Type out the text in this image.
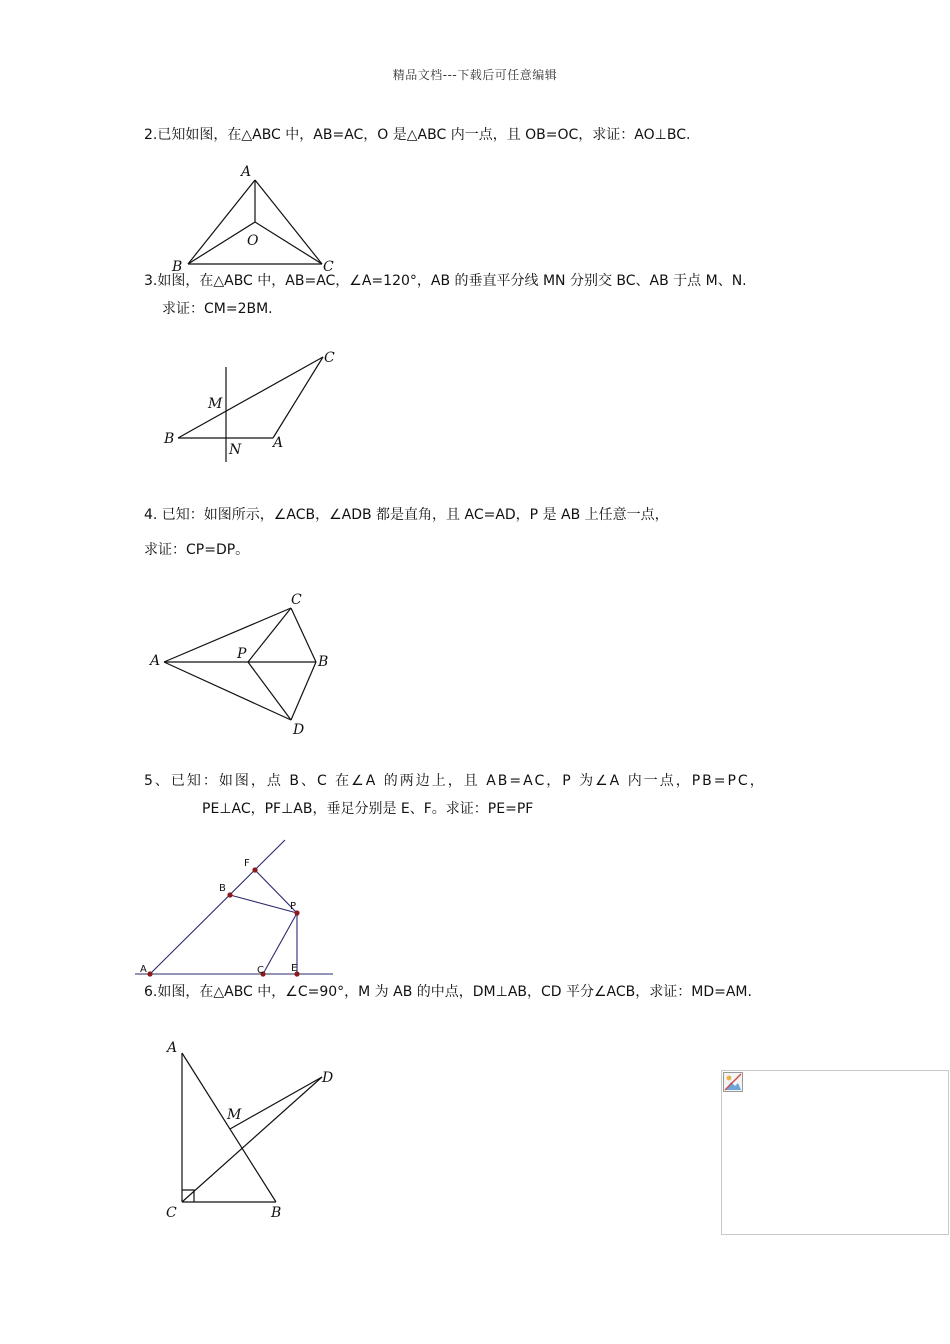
精品文档---下载后可任意编辑
2.已知如图，在△ABC 中，AB=AC，O 是△ABC 内一点，且 OB=OC，求证：AO⊥BC.
A
O
B	C
3.如图，在△ABC 中，AB=AC，∠A=120°，AB 的垂直平分线 MN 分别交 BC、AB 于点 M、N.
求证：CM=2BM.
C
M
B
N A
4. 已知：如图所示，∠ACB，∠ADB 都是直角，且 AC=AD，P 是 AB 上任意一点，
求证：CP=DP。
C
A	P	B
D
5、已知：如图，点 B、C 在∠A 的两边上，且 AB=AC，P 为∠A 内一点，PB=PC，
PE⊥AC，PF⊥AB，垂足分别是 E、F。求证：PE=PF
F
B
P
A	C	E
6.如图，在△ABC 中，∠C=90°，M 为 AB 的中点，DM⊥AB，CD 平分∠ACB，求证：MD=AM.
A
D
M
C	B
